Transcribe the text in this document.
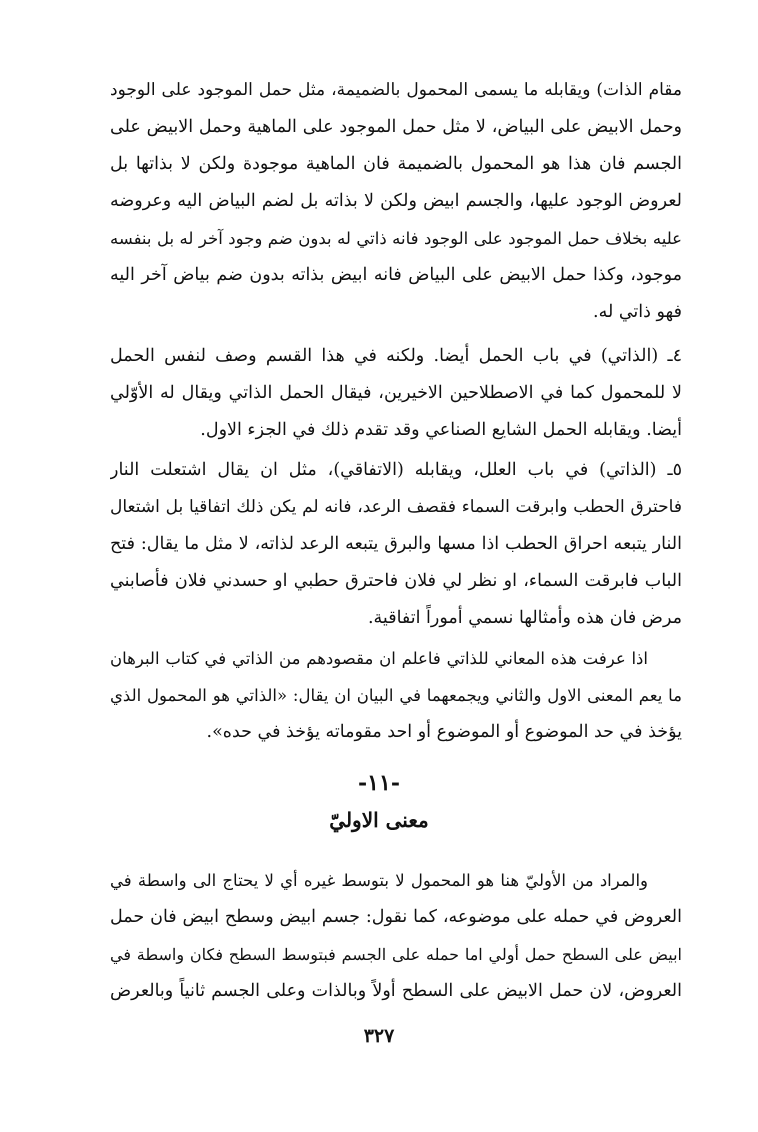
مقام الذات) ويقابله ما يسمى المحمول بالضميمة، مثل حمل الموجود على الوجود
وحمل الابيض على البياض، لا مثل حمل الموجود على الماهية وحمل الابيض على
الجسم فان هذا هو المحمول بالضميمة فان الماهية موجودة ولكن لا بذاتها بل
لعروض الوجود عليها، والجسم ابيض ولكن لا بذاته بل لضم البياض اليه وعروضه
عليه بخلاف حمل الموجود على الوجود فانه ذاتي له بدون ضم وجود آخر له بل بنفسه
موجود، وكذا حمل الابيض على البياض فانه ابيض بذاته بدون ضم بياض آخر اليه
فهو ذاتي له.
٤ـ (الذاتي) في باب الحمل أيضا. ولكنه في هذا القسم وصف لنفس الحمل
لا للمحمول كما في الاصطلاحين الاخيرين، فيقال الحمل الذاتي ويقال له الأوّلي
أيضا. ويقابله الحمل الشايع الصناعي وقد تقدم ذلك في الجزء الاول.
٥ـ (الذاتي) في باب العلل، ويقابله (الاتفاقي)، مثل ان يقال اشتعلت النار
فاحترق الحطب وابرقت السماء فقصف الرعد، فانه لم يكن ذلك اتفاقيا بل اشتعال
النار يتبعه احراق الحطب اذا مسها والبرق يتبعه الرعد لذاته، لا مثل ما يقال: فتح
الباب فابرقت السماء، او نظر لي فلان فاحترق حطبي او حسدني فلان فأصابني
مرض فان هذه وأمثالها نسمي أموراً اتفاقية.
اذا عرفت هذه المعاني للذاتي فاعلم ان مقصودهم من الذاتي في كتاب البرهان
ما يعم المعنى الاول والثاني ويجمعهما في البيان ان يقال: «الذاتي هو المحمول الذي
يؤخذ في حد الموضوع أو الموضوع أو احد مقوماته يؤخذ في حده».
-١١-
معنى الاوليّ
والمراد من الأوليّ هنا هو المحمول لا بتوسط غيره أي لا يحتاج الى واسطة في
العروض في حمله على موضوعه، كما نقول: جسم ابيض وسطح ابيض فان حمل
ابيض على السطح حمل أولي اما حمله على الجسم فبتوسط السطح فكان واسطة في
العروض، لان حمل الابيض على السطح أولاً وبالذات وعلى الجسم ثانياً وبالعرض
٣٢٧
